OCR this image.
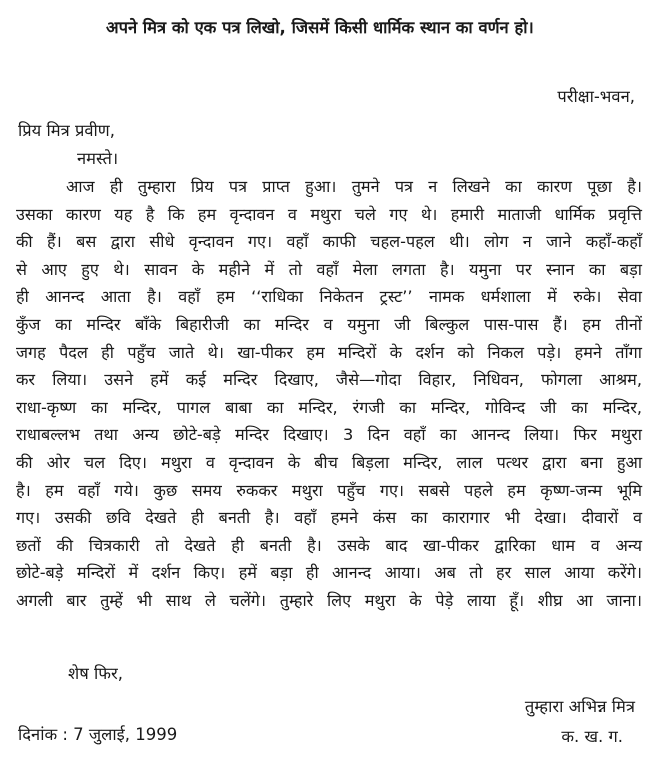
अपने मित्र को एक पत्र लिखो, जिसमें किसी धार्मिक स्थान का वर्णन हो।
परीक्षा-भवन,
प्रिय मित्र प्रवीण,
नमस्ते।
आज ही तुम्हारा प्रिय पत्र प्राप्त हुआ। तुमने पत्र न लिखने का कारण पूछा है।
उसका कारण यह है कि हम वृन्दावन व मथुरा चले गए थे। हमारी माताजी धार्मिक प्रवृत्ति
की हैं। बस द्वारा सीधे वृन्दावन गए। वहाँ काफी चहल-पहल थी। लोग न जाने कहाँ-कहाँ
से आए हुए थे। सावन के महीने में तो वहाँ मेला लगता है। यमुना पर स्नान का बड़ा
ही आनन्द आता है। वहाँ हम ‘‘राधिका निकेतन ट्रस्ट’’ नामक धर्मशाला में रुके। सेवा
कुँज का मन्दिर बाँके बिहारीजी का मन्दिर व यमुना जी बिल्कुल पास-पास हैं। हम तीनों
जगह पैदल ही पहुँच जाते थे। खा-पीकर हम मन्दिरों के दर्शन को निकल पड़े। हमने ताँगा
कर लिया। उसने हमें कई मन्दिर दिखाए, जैसे—गोदा विहार, निधिवन, फोगला आश्रम,
राधा-कृष्ण का मन्दिर, पागल बाबा का मन्दिर, रंगजी का मन्दिर, गोविन्द जी का मन्दिर,
राधाबल्लभ तथा अन्य छोटे-बड़े मन्दिर दिखाए। 3 दिन वहाँ का आनन्द लिया। फिर मथुरा
की ओर चल दिए। मथुरा व वृन्दावन के बीच बिड़ला मन्दिर, लाल पत्थर द्वारा बना हुआ
है। हम वहाँ गये। कुछ समय रुककर मथुरा पहुँच गए। सबसे पहले हम कृष्ण-जन्म भूमि
गए। उसकी छवि देखते ही बनती है। वहाँ हमने कंस का कारागार भी देखा। दीवारों व
छतों की चित्रकारी तो देखते ही बनती है। उसके बाद खा-पीकर द्वारिका धाम व अन्य
छोटे-बड़े मन्दिरों में दर्शन किए। हमें बड़ा ही आनन्द आया। अब तो हर साल आया करेंगे।
अगली बार तुम्हें भी साथ ले चलेंगे। तुम्हारे लिए मथुरा के पेड़े लाया हूँ। शीघ्र आ जाना।
शेष फिर,
तुम्हारा अभिन्न मित्र
क. ख. ग.
दिनांक : 7 जुलाई, 1999
